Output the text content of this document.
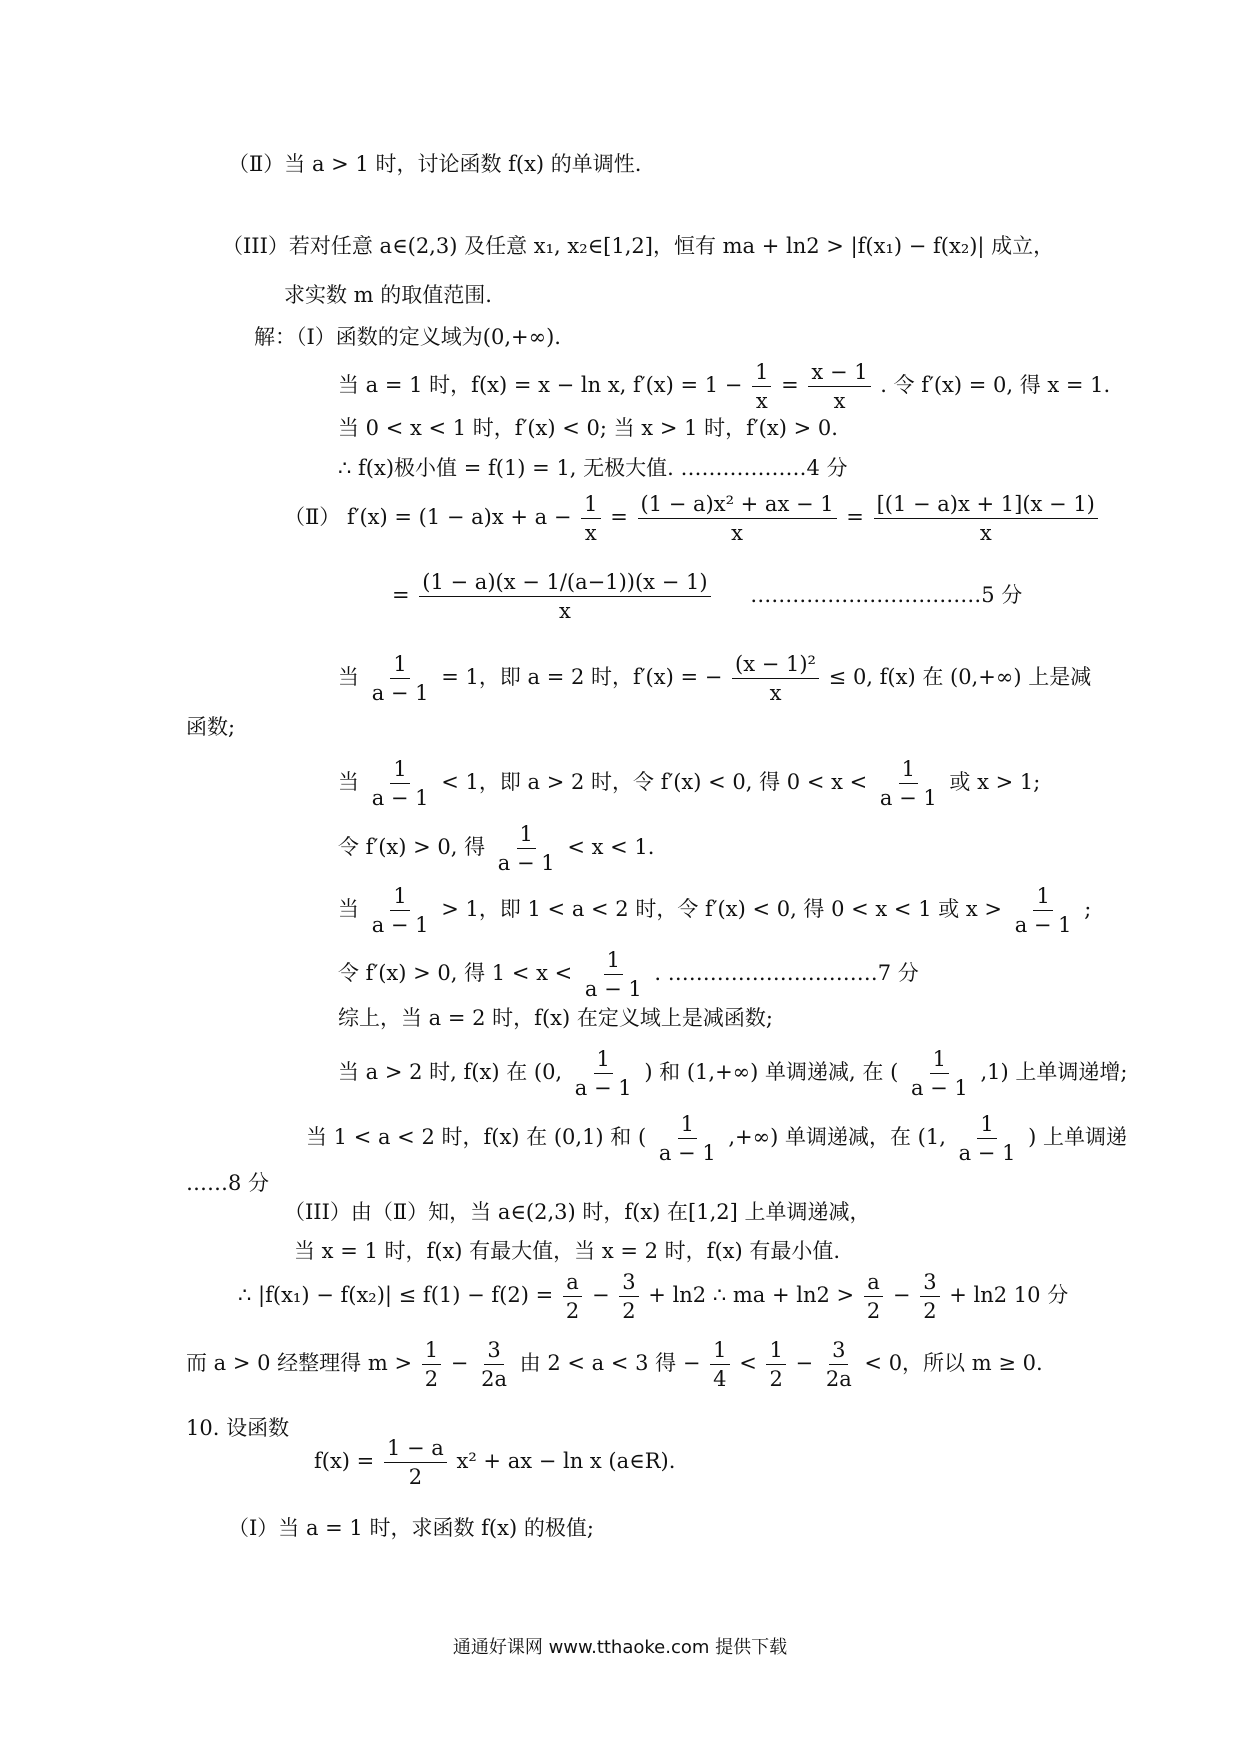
（Ⅱ）当 a > 1 时，讨论函数 f(x) 的单调性.
（III）若对任意 a∈(2,3) 及任意 x₁, x₂∈[1,2]，恒有 ma + ln2 > |f(x₁) − f(x₂)| 成立，
求实数 m 的取值范围.
解：（Ⅰ）函数的定义域为(0,+∞).
当 a = 1 时，f(x) = x − ln x, $f'(x) = 1 - \frac{1}{x} = \frac{x - 1}{x}$ . 令 f′(x) = 0, 得 x = 1.
当 0 < x < 1 时，f′(x) < 0; 当 x > 1 时，f′(x) > 0.
∴ f(x)极小值 = f(1) = 1, 无极大值. ………………4 分
（Ⅱ） $f'(x) = (1 - a)x + a - \frac{1}{x} = \frac{\text{(1 − a)x² + ax − 1}}{x} = \frac{[(1 - a)x + 1](x - 1)}{x}$
= $\frac{(1 - a)(x - 1/(a-1))(x - 1)}{x}$ ……………………………5 分
当 $\frac{1}{a - 1} = 1$，即 a = 2 时，f′(x) = − $\frac{\text{(x − 1)²}}{x} \le 0$, f(x) 在 (0,+∞) 上是减
函数;
当 $\frac{1}{a - 1} < 1$，即 a > 2 时，令 f′(x) < 0, 得 $0 < x < \frac{1}{a - 1}$ 或 x > 1;
令 f′(x) > 0, 得 $\frac{1}{a - 1} < x < 1$.
当 $\frac{1}{a - 1} > 1$，即 1 < a < 2 时，令 f′(x) < 0, 得 0 < x < 1 或 $x > \frac{1}{a - 1}$ ;
令 f′(x) > 0, 得 $1 < x < \frac{1}{a - 1}$ . …………………………7 分
综上，当 a = 2 时，f(x) 在定义域上是减函数;
当 a > 2 时, f(x) 在 (0, $\frac{1}{a - 1}$ ) 和 (1,+∞) 单调递减, 在 ( $\frac{1}{a - 1} ,1$) 上单调递增;
当 1 < a < 2 时，f(x) 在 (0,1) 和 ( $\frac{1}{a - 1}$ ,+∞) 单调递减，在 (1, $\frac{1}{a - 1}$ ) 上单调递
……8 分
（III）由（Ⅱ）知，当 a∈(2,3) 时，f(x) 在[1,2] 上单调递减，
当 x = 1 时，f(x) 有最大值，当 x = 2 时，f(x) 有最小值.
∴ $|f(x_1) - f(x_2)| \le f(1) - f(2) = \frac{a}{2} - \frac{3}{2} + \ln 2$ ∴ ma + $\ln 2 > \frac{a}{2} - \frac{3}{2} + \ln 2$ 10 分
而 a > 0 经整理得 $m > \frac{1}{2} - \frac{3}{2a}$ 由 2 < a < 3 得 − $\frac{1}{4} < \frac{1}{2} - \frac{3}{2a} < 0$，所以 m ≥ 0.
10. 设函数
$f(x) = \frac{1 - a}{2} x^2$ + ax − ln x (a∈R).
（Ⅰ）当 a = 1 时，求函数 f(x) 的极值;
通通好课网 www.tthaoke.com 提供下载
